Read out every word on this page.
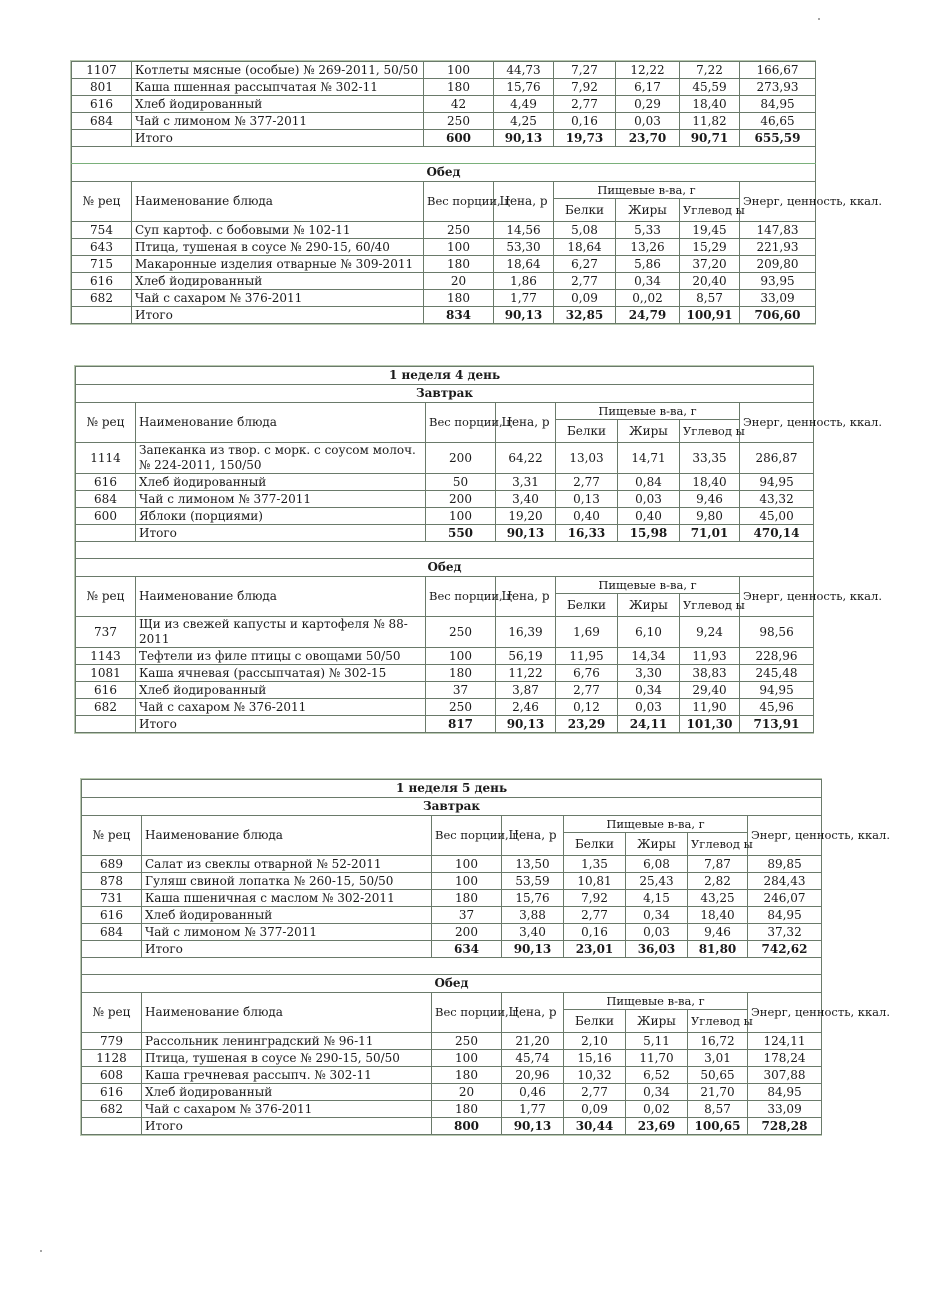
1107	Котлеты мясные (особые) № 269-2011, 50/50	100	44,73	7,27	12,22	7,22	166,67
801	Каша пшенная рассыпчатая № 302-11	180	15,76	7,92	6,17	45,59	273,93
616	Хлеб йодированный	42	4,49	2,77	0,29	18,40	84,95
684	Чай с лимоном № 377-2011	250	4,25	0,16	0,03	11,82	46,65
	Итого	600	90,13	19,73	23,70	90,71	655,59

Обед							
№ рец	Наименование блюда	Вес порции, г	Цена, р	Пищевые в-ва, г			Энерг, ценность, ккал.
				Белки	Жиры	Углевод ы	
754	Суп картоф. с бобовыми № 102-11	250	14,56	5,08	5,33	19,45	147,83
643	Птица, тушеная в соусе № 290-15, 60/40	100	53,30	18,64	13,26	15,29	221,93
715	Макаронные изделия отварные № 309-2011	180	18,64	6,27	5,86	37,20	209,80
616	Хлеб йодированный	20	1,86	2,77	0,34	20,40	93,95
682	Чай с сахаром № 376-2011	180	1,77	0,09	0,,02	8,57	33,09
	Итого	834	90,13	32,85	24,79	100,91	706,60
1 неделя 4 день							
Завтрак							
№ рец	Наименование блюда	Вес порции, г	Цена, р	Пищевые в-ва, г			Энерг, ценность, ккал.
				Белки	Жиры	Углевод ы	
1114	Запеканка из твор. с морк. с соусом молоч. № 224-2011, 150/50	200	64,22	13,03	14,71	33,35	286,87
616	Хлеб йодированный	50	3,31	2,77	0,84	18,40	94,95
684	Чай с лимоном № 377-2011	200	3,40	0,13	0,03	9,46	43,32
600	Яблоки (порциями)	100	19,20	0,40	0,40	9,80	45,00
	Итого	550	90,13	16,33	15,98	71,01	470,14

Обед							
№ рец	Наименование блюда	Вес порции, г	Цена, р	Пищевые в-ва, г			Энерг, ценность, ккал.
				Белки	Жиры	Углевод ы	
737	Щи из свежей капусты и картофеля № 88-2011	250	16,39	1,69	6,10	9,24	98,56
1143	Тефтели из филе птицы с овощами 50/50	100	56,19	11,95	14,34	11,93	228,96
1081	Каша ячневая (рассыпчатая) № 302-15	180	11,22	6,76	3,30	38,83	245,48
616	Хлеб йодированный	37	3,87	2,77	0,34	29,40	94,95
682	Чай с сахаром № 376-2011	250	2,46	0,12	0,03	11,90	45,96
	Итого	817	90,13	23,29	24,11	101,30	713,91
1 неделя 5 день							
Завтрак							
№ рец	Наименование блюда	Вес порции, г	Цена, р	Пищевые в-ва, г			Энерг, ценность, ккал.
				Белки	Жиры	Углевод ы	
689	Салат из свеклы отварной № 52-2011	100	13,50	1,35	6,08	7,87	89,85
878	Гуляш свиной лопатка № 260-15, 50/50	100	53,59	10,81	25,43	2,82	284,43
731	Каша пшеничная с маслом № 302-2011	180	15,76	7,92	4,15	43,25	246,07
616	Хлеб йодированный	37	3,88	2,77	0,34	18,40	84,95
684	Чай с лимоном № 377-2011	200	3,40	0,16	0,03	9,46	37,32
	Итого	634	90,13	23,01	36,03	81,80	742,62

Обед							
№ рец	Наименование блюда	Вес порции, г	Цена, р	Пищевые в-ва, г			Энерг, ценность, ккал.
				Белки	Жиры	Углевод ы	
779	Рассольник ленинградский № 96-11	250	21,20	2,10	5,11	16,72	124,11
1128	Птица, тушеная в соусе № 290-15, 50/50	100	45,74	15,16	11,70	3,01	178,24
608	Каша гречневая рассыпч. № 302-11	180	20,96	10,32	6,52	50,65	307,88
616	Хлеб йодированный	20	0,46	2,77	0,34	21,70	84,95
682	Чай с сахаром № 376-2011	180	1,77	0,09	0,02	8,57	33,09
	Итого	800	90,13	30,44	23,69	100,65	728,28
